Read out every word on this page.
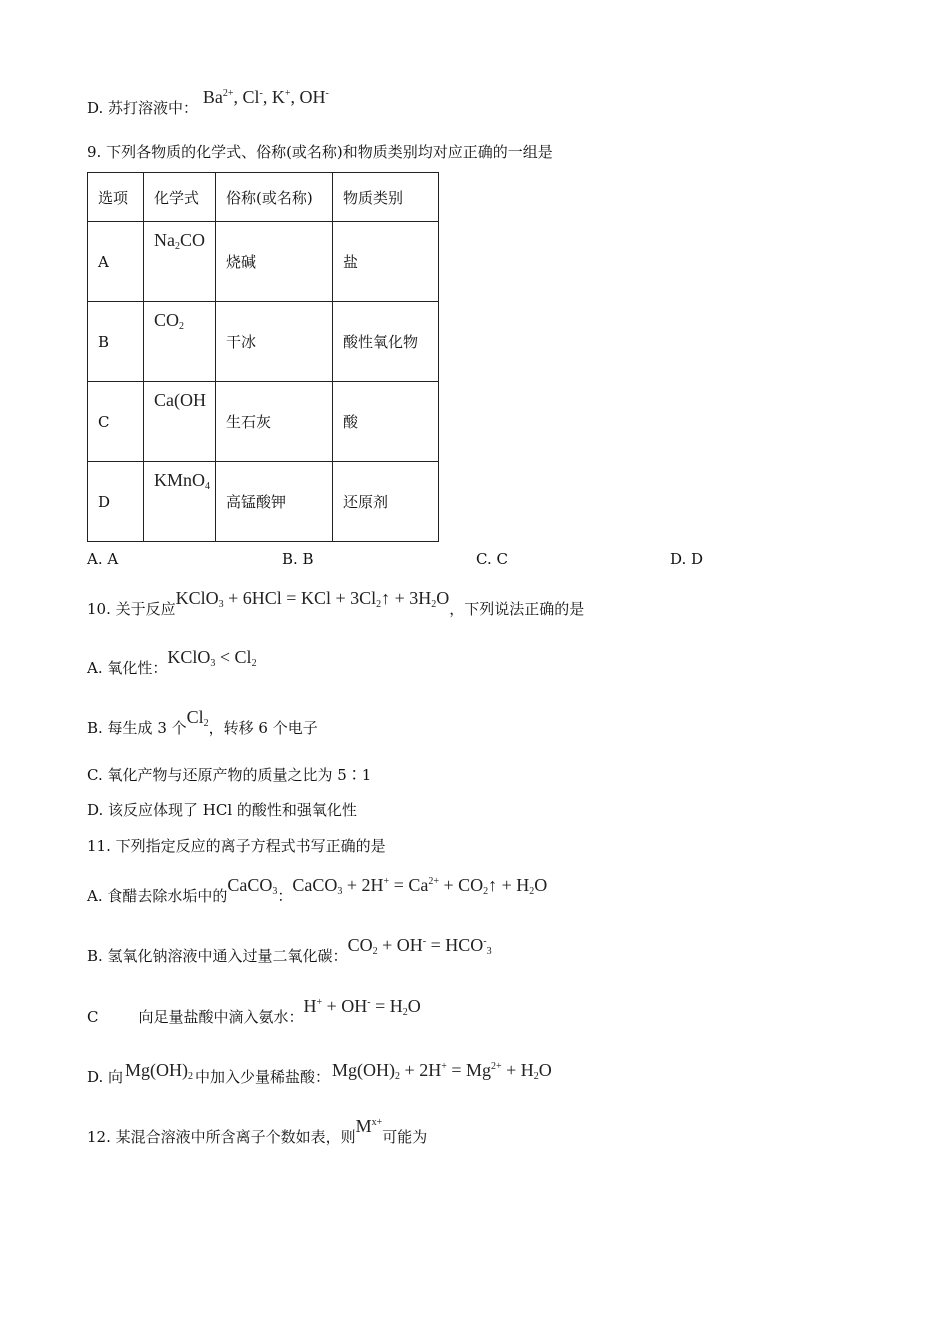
D. 苏打溶液中： $Ba^{2+}$, Cl-, K+, OH-
9. 下列各物质的化学式、俗称(或名称)和物质类别均对应正确的一组是
选项	化学式	俗称(或名称)	物质类别
A	$Na_2CO$	烧碱	盐
B	$CO_2$	干冰	酸性氧化物
C	Ca(OH	生石灰	酸
D	KMnO$_4$	高锰酸钾	还原剂
A. A	B. B	C. C	D. D
10. 关于反应KClO$_3$ + 6HCl = KCl + $3Cl_2↑ + 3H_2O$，下列说法正确的是
A. 氧化性：KClO$_3$ < $Cl_2$
B. 每生成 3 个$Cl_2$，转移 6 个电子
C. 氧化产物与还原产物的质量之比为 5∶1
D. 该反应体现了 HCl 的酸性和强氧化性
11. 下列指定反应的离子方程式书写正确的是
A. 食醋去除水垢中的CaCO$_3$：CaCO$_3$ + $2H^+ = Ca^{2+}$ + $CO_2↑ + H_2O$
B. 氢氧化钠溶液中通入过量二氧化碳：$CO_2 + OH^- = HCO^-_3$
C	向足量盐酸中滴入氨水：$H^+ + OH^- = H_2O$
D. 向 $Mg(OH)_2$ 中加入少量稀盐酸： $Mg(OH)_2 + 2H^+ = Mg^{2+} + H_2O$
12. 某混合溶液中所含离子个数如表，则$M^{x+}$可能为
